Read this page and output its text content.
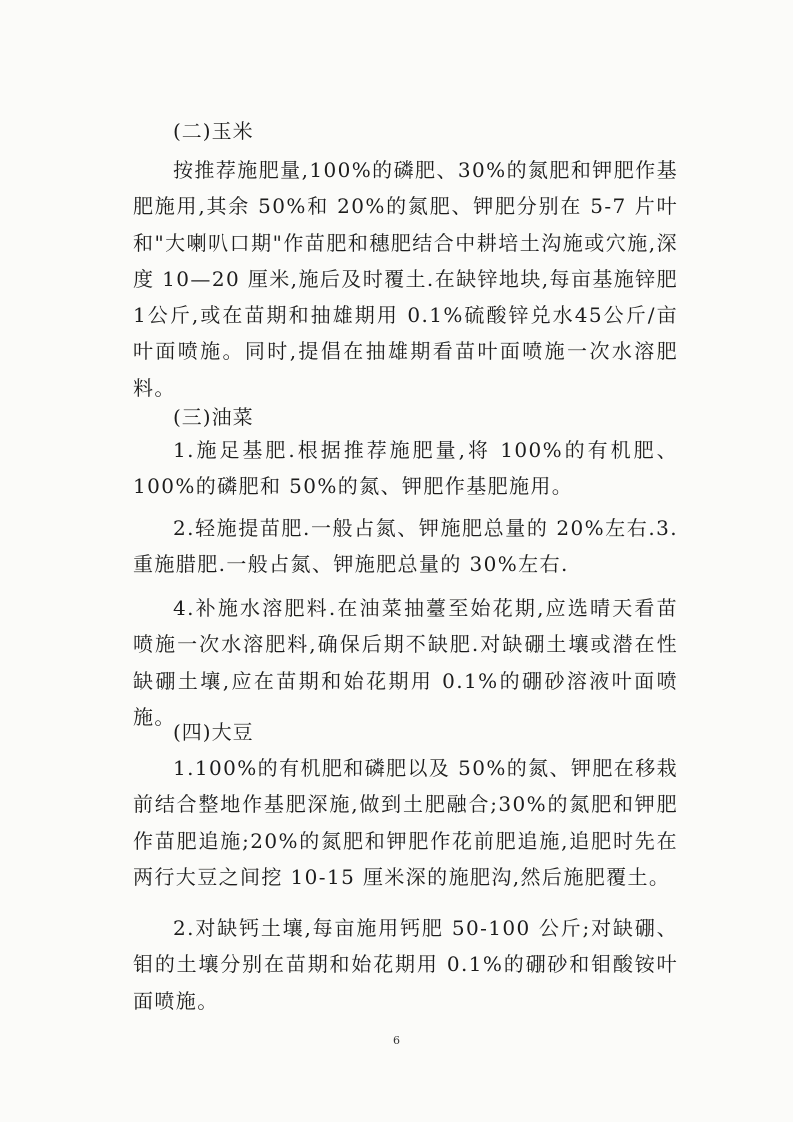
(二)玉米

按推荐施肥量,100%的磷肥、30%的氮肥和钾肥作基肥施用,其余 50%和 20%的氮肥、钾肥分别在 5-7 片叶和"大喇叭口期"作苗肥和穗肥结合中耕培土沟施或穴施,深度 10—20 厘米,施后及时覆土.在缺锌地块,每亩基施锌肥1公斤,或在苗期和抽雄期用 0.1%硫酸锌兑水45公斤/亩叶面喷施。同时,提倡在抽雄期看苗叶面喷施一次水溶肥料。

(三)油菜

1.施足基肥.根据推荐施肥量,将 100%的有机肥、100%的磷肥和 50%的氮、钾肥作基肥施用。

2.轻施提苗肥.一般占氮、钾施肥总量的 20%左右.3.重施腊肥.一般占氮、钾施肥总量的 30%左右.

4.补施水溶肥料.在油菜抽薹至始花期,应选晴天看苗喷施一次水溶肥料,确保后期不缺肥.对缺硼土壤或潜在性缺硼土壤,应在苗期和始花期用 0.1%的硼砂溶液叶面喷施。

(四)大豆

1.100%的有机肥和磷肥以及 50%的氮、钾肥在移栽前结合整地作基肥深施,做到土肥融合;30%的氮肥和钾肥作苗肥追施;20%的氮肥和钾肥作花前肥追施,追肥时先在两行大豆之间挖 10-15 厘米深的施肥沟,然后施肥覆土。

2.对缺钙土壤,每亩施用钙肥 50-100 公斤;对缺硼、钼的土壤分别在苗期和始花期用 0.1%的硼砂和钼酸铵叶面喷施。

6
